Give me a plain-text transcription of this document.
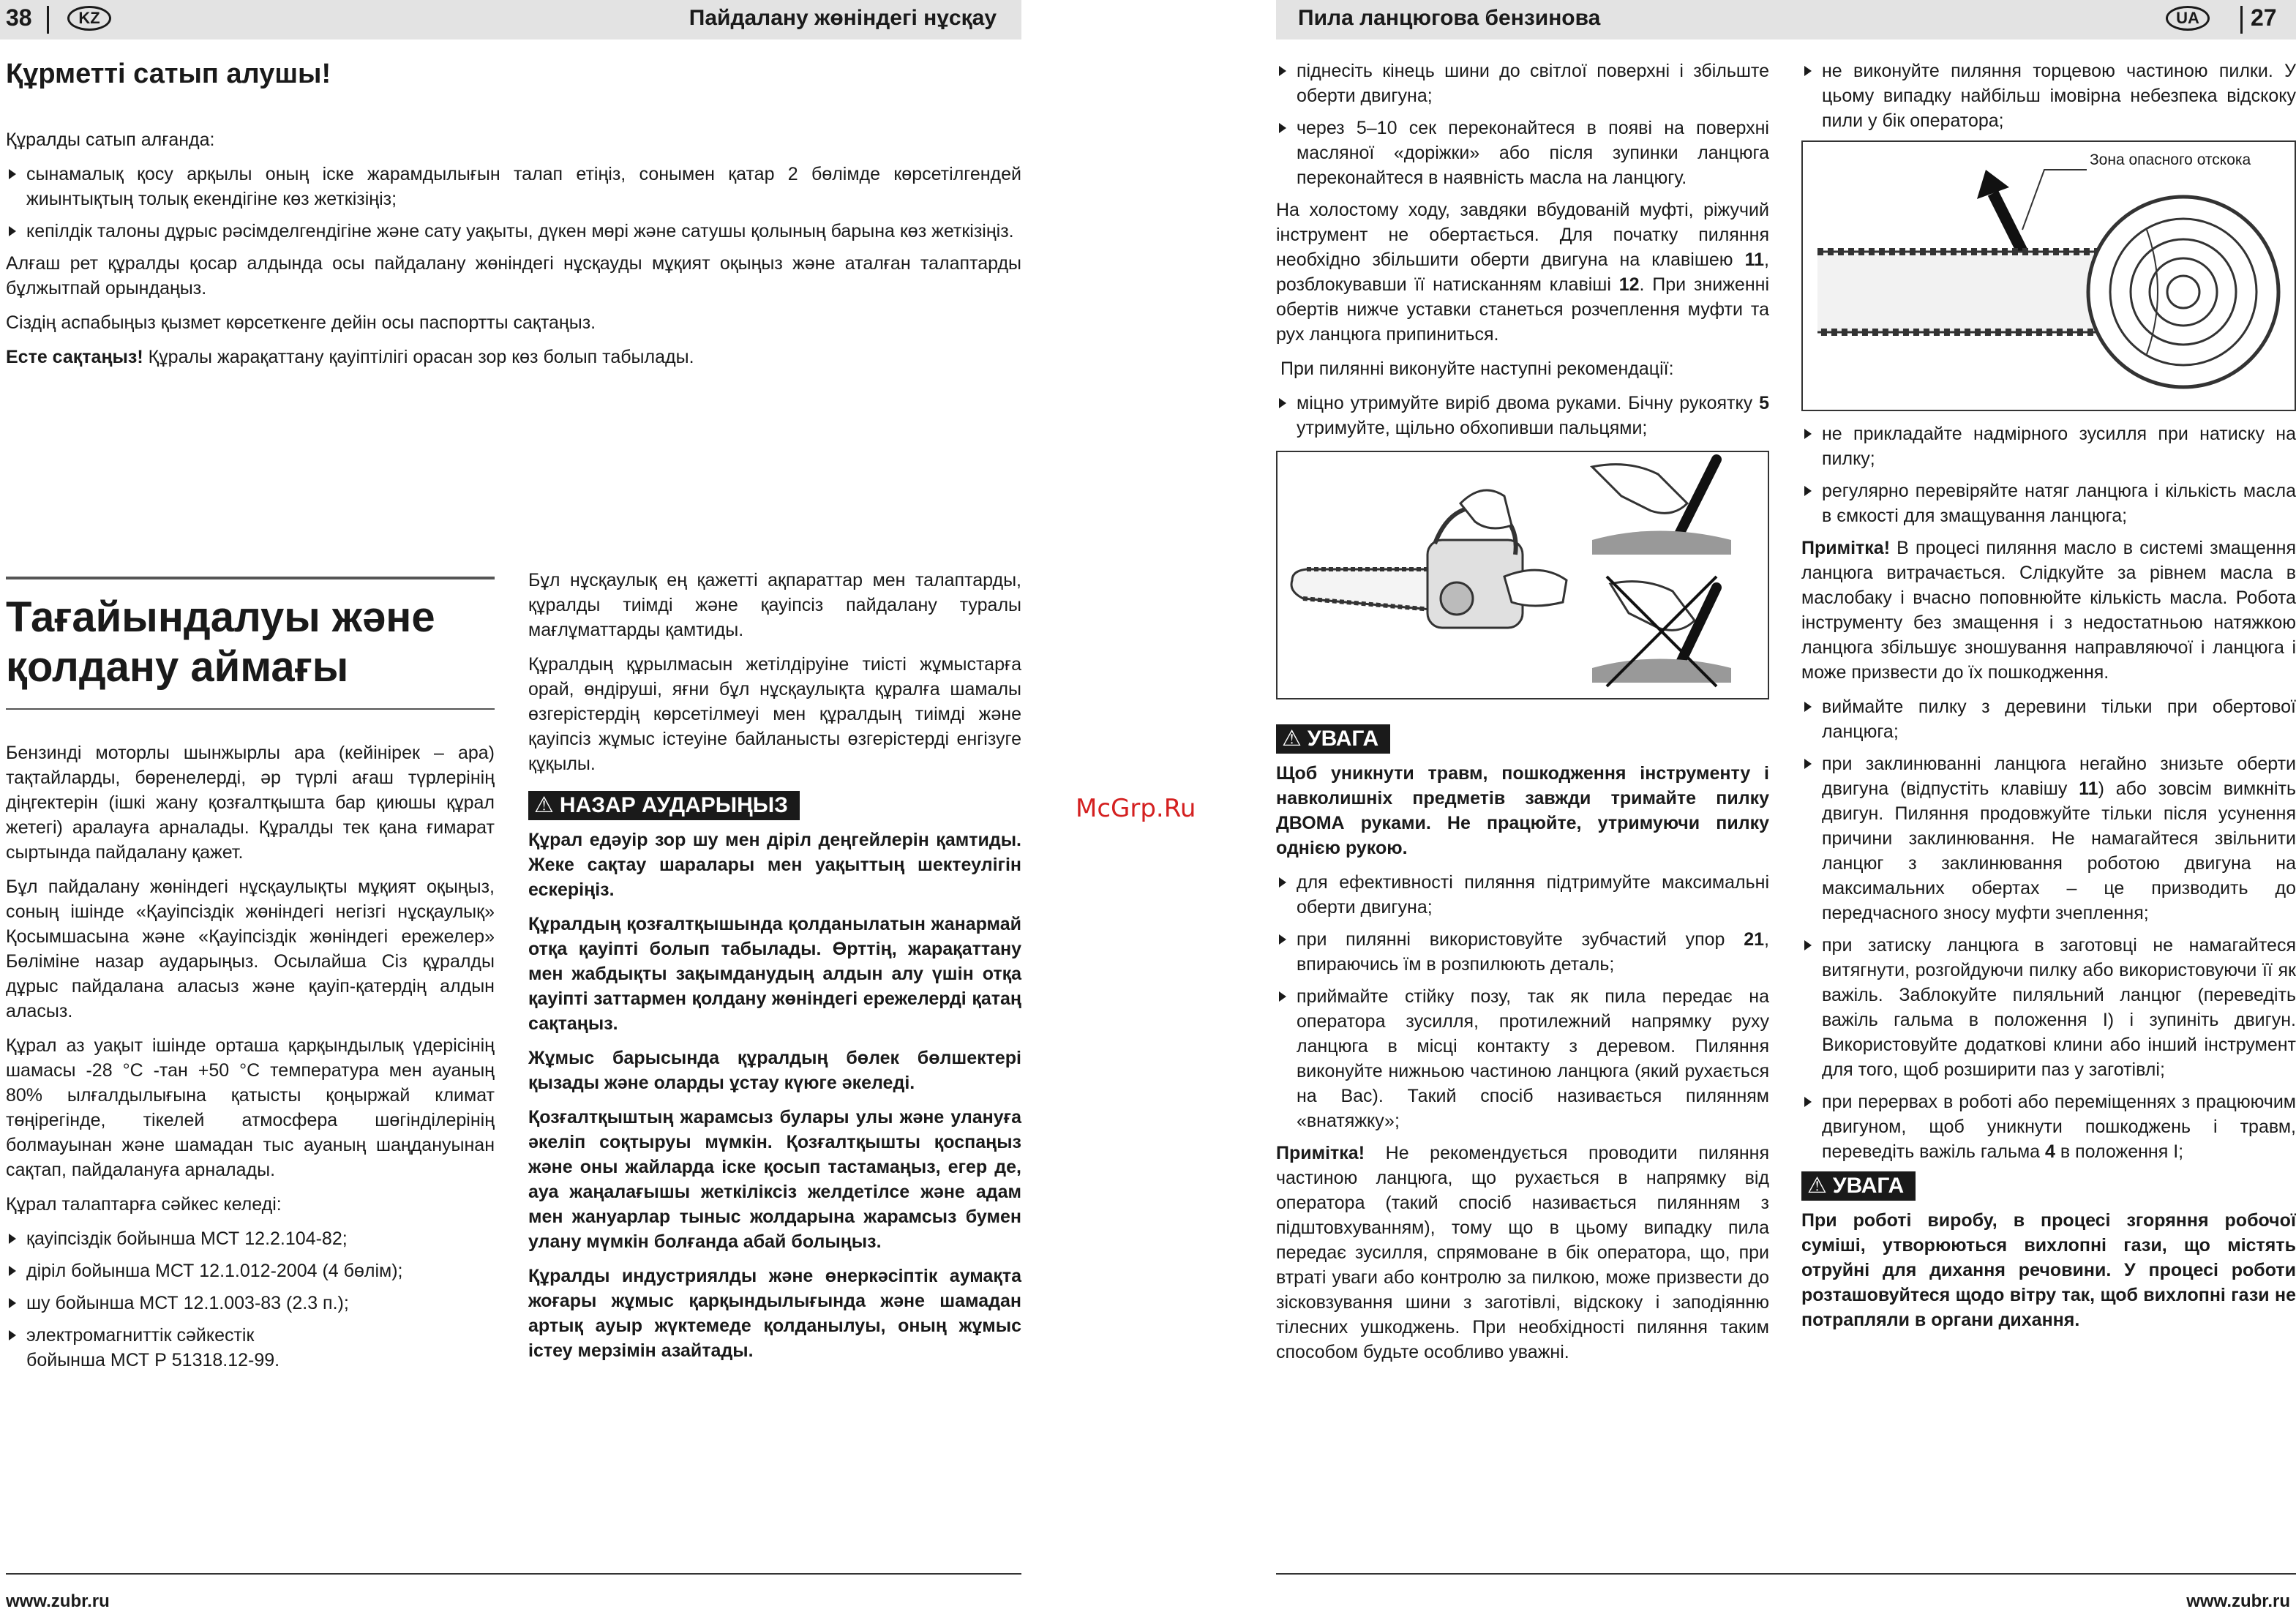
38	KZ	Пайдалану жөніндегі нұсқау
Құрметті сатып алушы!

Құралды сатып алғанда:

сынамалық қосу арқылы оның іске жарамдылығын талап етіңіз, сонымен қатар 2 бөлімде көрсетілгендей жиынтықтың толық екендігіне көз жеткізіңіз;
кепілдік талоны дұрыс рәсімделгендігіне және сату уақыты, дүкен мөрі және сатушы қолының барына көз жеткізіңіз.

Алғаш рет құралды қосар алдында осы пайдалану жөніндегі нұсқауды мұқият оқыңыз және аталған талаптарды бұлжытпай орындаңыз.

Сіздің аспабыңыз қызмет көрсеткенге дейін осы паспортты сақтаңыз.

Есте сақтаңыз! Құралы жарақаттану қауіптілігі орасан зор көз болып табылады.

Тағайындалуы және
қолдану аймағы

Бензинді моторлы шынжырлы ара (кейінірек – ара) тақтайларды, бөренелерді, әр түрлі ағаш түрлерінің діңгектерін (ішкі жану қозғалтқышта бар қиюшы құрал жетегі) аралауға арналады. Құралды тек қана ғимарат сыртында пайдалану қажет.

Бұл пайдалану жөніндегі нұсқаулықты мұқият оқыңыз, соның ішінде «Қауіпсіздік жөніндегі негізгі нұсқаулық» Қосымшасына және «Қауіпсіздік жөніндегі ережелер» Бөліміне назар аударыңыз. Осылайша Сіз құралды дұрыс пайдалана аласыз және қауіп-қатердің алдын аласыз.

Құрал аз уақыт ішінде орташа қарқындылық үдерісінің шамасы -28 °C -тан +50 °C температура мен ауаның 80% ылғалдылығына қатысты қоңыржай климат төңірегінде, тікелей атмосфера шөгінділерінің болмауынан және шамадан тыс ауаның шаңдануынан сақтап, пайдалануға арналады.

Құрал талаптарға сәйкес келеді:

қауіпсіздік бойынша МСТ 12.2.104-82;
діріл бойынша МСТ 12.1.012-2004 (4 бөлім);
шу бойынша МСТ 12.1.003-83 (2.3 п.);
электромагниттік сәйкестік бойынша МСТ Р 51318.12-99.

Бұл нұсқаулық ең қажетті ақпараттар мен талаптарды, құралды тиімді және қауіпсіз пайдалану туралы мағлұматтарды қамтиды.

Құралдың құрылмасын жетілдіруіне тиісті жұмыстарға орай, өндіруші, яғни бұл нұсқаулықта құралға шамалы өзгерістердің көрсетілмеуі мен құралдың тиімді және қауіпсіз жұмыс істеуіне байланысты өзгерістерді енгізуге құқылы.

⚠ НАЗАР АУДАРЫҢЫЗ

Құрал едәуір зор шу мен діріл деңгейлерін қамтиды. Жеке сақтау шаралары мен уақыттың шектеулігін ескеріңіз.

Құралдың қозғалтқышында қолданылатын жанармай отқа қауіпті болып табылады. Өрттің, жарақаттану мен жабдықты зақымданудың алдын алу үшін отқа қауіпті заттармен қолдану жөніндегі ережелерді қатаң сақтаңыз.

Жұмыс барысында құралдың бөлек бөлшектері қызады және оларды ұстау күюге әкеледі.

Қозғалтқыштың жарамсыз булары улы және улануға әкеліп соқтыруы мүмкін. Қозғалтқышты қоспаңыз және оны жайларда іске қосып тастамаңыз, егер де, ауа жаңалағышы жеткіліксіз желдетілсе және адам мен жануарлар тыныс жолдарына жарамсыз бумен улану мүмкін болғанда абай болыңыз.

Құралды индустриялды және өнеркәсіптік аумақта жоғары жұмыс қарқындылығында және шамадан артық ауыр жүктемеде қолданылуы, оның жұмыс істеу мерзімін азайтады.

www.zubr.ru
McGrp.Ru
Пила ланцюгова бензинова	UA	27
піднесіть кінець шини до світлої поверхні і збільште оберти двигуна;
через 5–10 сек переконайтеся в появі на поверхні масляної «доріжки» або після зупинки ланцюга переконайтеся в наявність масла на ланцюгу.

На холостому ходу, завдяки вбудованій муфті, ріжучий інструмент не обертається. Для початку пиляння необхідно збільшити оберти двигуна на клавішею 11, розблокувавши її натисканням клавіші 12. При зниженні обертів нижче уставки станеться розчеплення муфти та рух ланцюга припиниться.

При пилянні виконуйте наступні рекомендації:

міцно утримуйте виріб двома руками. Бічну рукоятку 5 утримуйте, щільно обхопивши пальцями;
⚠ УВАГА

Щоб уникнути травм, пошкодження інструменту і навколишніх предметів завжди тримайте пилку ДВОМА руками. Не працюйте, утримуючи пилку однією рукою.

для ефективності пиляння підтримуйте максимальні оберти двигуна;
при пилянні використовуйте зубчастий упор 21, впираючись їм в розпилюють деталь;
приймайте стійку позу, так як пила передає на оператора зусилля, протилежний напрямку руху ланцюга в місці контакту з деревом. Пиляння виконуйте нижньою частиною ланцюга (який рухається на Вас). Такий спосіб називається пилянням «внатяжку»;

Примітка! Не рекомендується проводити пиляння частиною ланцюга, що рухається в напрямку від оператора (такий спосіб називається пилянням з підштовхуванням), тому що в цьому випадку пила передає зусилля, спрямоване в бік оператора, що, при втраті уваги або контролю за пилкою, може призвести до зісковзування шини з заготівлі, відскоку і заподіянню тілесних ушкоджень. При необхідності пиляння таким способом будьте особливо уважні.

не виконуйте пиляння торцевою частиною пилки. У цьому випадку найбільш імовірна небезпека відскоку пили у бік оператора;
Зона опасного отскока
не прикладайте надмірного зусилля при натиску на пилку;
регулярно перевіряйте натяг ланцюга і кількість масла в ємкості для змащування ланцюга;

Примітка! В процесі пиляння масло в системі змащення ланцюга витрачається. Слідкуйте за рівнем масла в маслобаку і вчасно поповнюйте кількість масла. Робота інструменту без змащення і з недостатньою натяжкою ланцюга збільшує зношування направляючої і ланцюга і може призвести до їх пошкодження.

виймайте пилку з деревини тільки при обертової ланцюга;
при заклинюванні ланцюга негайно знизьте оберти двигуна (відпустіть клавішу 11) або зовсім вимкніть двигун. Пиляння продовжуйте тільки після усунення причини заклинювання. Не намагайтеся звільнити ланцюг з заклинювання роботою двигуна на максимальних обертах – це призводить до передчасного зносу муфти зчеплення;
при затиску ланцюга в заготовці не намагайтеся витягнути, розгойдуючи пилку або використовуючи її як важіль. Заблокуйте пиляльний ланцюг (переведіть важіль гальма в положення I) і зупиніть двигун. Використовуйте додаткові клини або інший інструмент для того, щоб розширити паз у заготівлі;
при перервах в роботі або переміщеннях з працюючим двигуном, щоб уникнути пошкоджень і травм, переведіть важіль гальма 4 в положення I;
⚠ УВАГА

При роботі виробу, в процесі згоряння робочої суміші, утворюються вихлопні гази, що містять отруйні для дихання речовини. У процесі роботи розташовуйтеся щодо вітру так, щоб вихлопні гази не потрапляли в органи дихання.

www.zubr.ru
